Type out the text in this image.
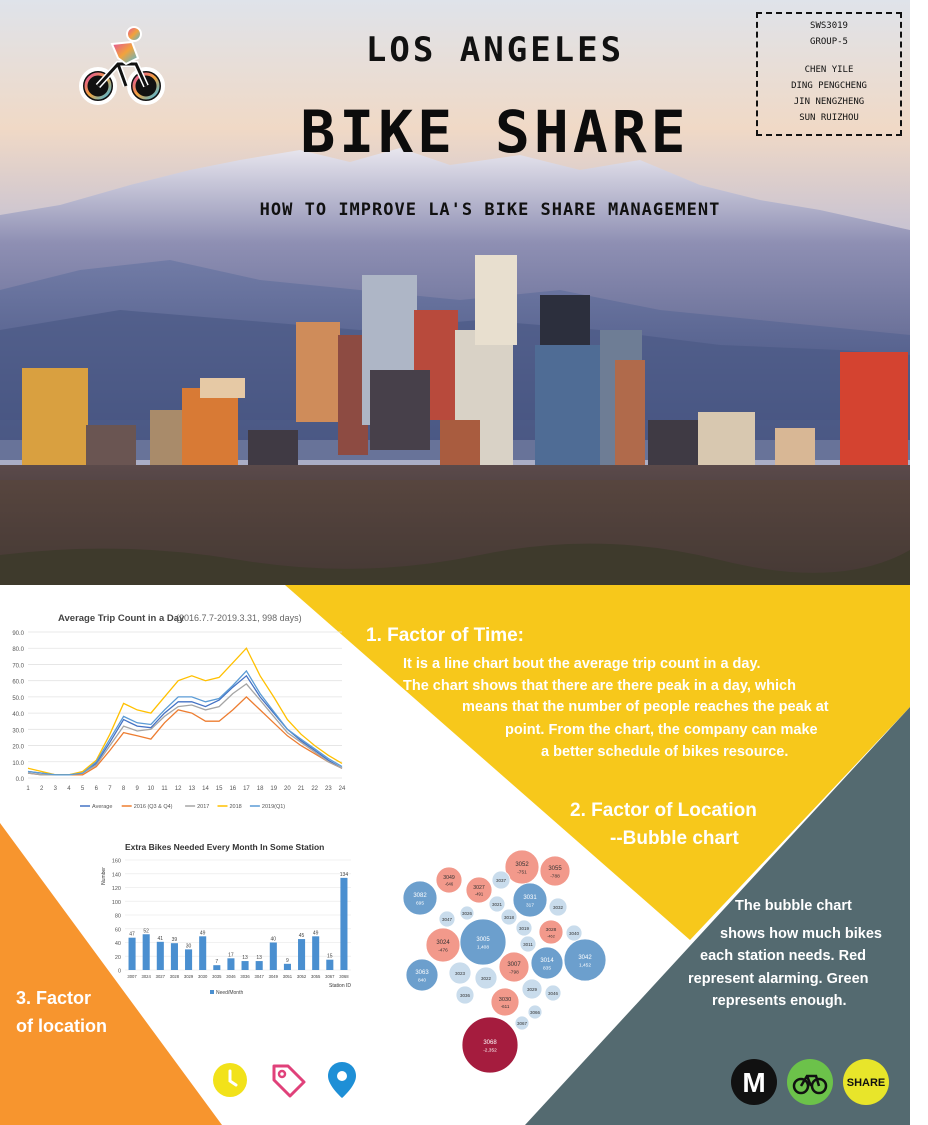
LOS ANGELES
BIKE SHARE
HOW TO IMPROVE LA'S BIKE SHARE MANAGEMENT
SWS3019
GROUP-5
CHEN YILE
DING PENGCHENG
JIN NENGZHENG
SUN RUIZHOU
Average Trip Count in a Day
(2016.7.7-2019.3.31, 998 days)
0.0
10.0
20.0
30.0
40.0
50.0
60.0
70.0
80.0
90.0
1 2 3 4 5 6 7 8 9 10 11 12 13 14 15 16 17 18 19 20 21 22 23 24
Average	2016 (Q3 & Q4)	2017	2018	2019(Q1)
Extra Bikes Needed Every Month In Some Station
0
20
40
60
80
100
120
140
160
Number
47
3007
52
3024
41
3027
39
3028
30
3029
49
3030
7
3035
17
3046
13
3036
13
3047
40
3049
9
3051
45
3052
49
3055
15
3067
134
3068
Station ID
Need/Month
3052
-751
3055
-788
3049
-646
3027
-491
3037
3082
695
3031
317
3021
3032
3026
3047	3018
3019	3028
-462
3040
3024
-476
3005
1,408
3011
3042
1,452
3014
835
3007
-798
3063
840
3023
3022
3029
3046
3036
3030
-611
3066
3067
3068
-2,352
1. Factor of Time:
It is a line chart bout the average trip count in a day.
The chart shows that there are there peak in a day, which
means that the number of people reaches the peak at
point. From the chart, the company can make
a better schedule of bikes resource.
2. Factor of Location
--Bubble chart
The bubble chart
shows how much bikes
each station needs. Red
represent alarming. Green
represents enough.
3. Factor
of location
M	SHARE
